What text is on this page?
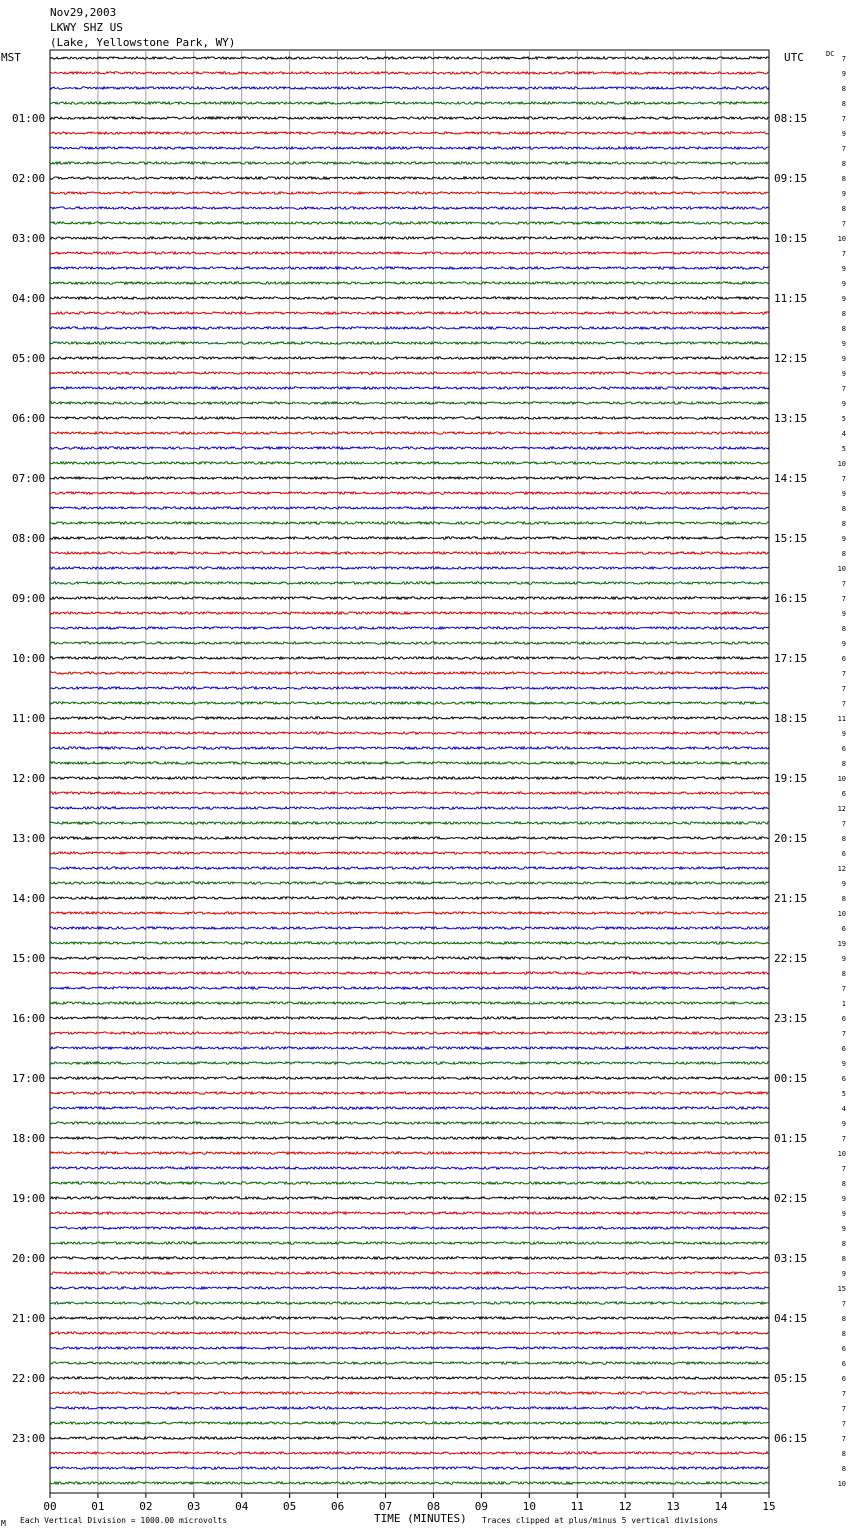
Nov29,2003
LKWY SHZ US
(Lake, Yellowstone Park, WY)
MST	UTC	DC
01:00
02:00
03:00
04:00
05:00
06:00
07:00
08:00
09:00
10:00
11:00
12:00
13:00
14:00
15:00
16:00
17:00
18:00
19:00
20:00
21:00
22:00
23:00
08:15
09:15
10:15
11:15
12:15
13:15
14:15
15:15
16:15
17:15
18:15
19:15
20:15
21:15
22:15
23:15
00:15
01:15
02:15
03:15
04:15
05:15
06:15
7
9
8
8
7
9
7
8
8
9
8
7
10
7
9
9
9
8
8
9
9
9
7
9
5
4
5
10
7
9
8
8
9
8
10
7
7
9
8
9
6
7
7
7
11
9
6
8
10
6
12
7
8
6
12
9
8
10
6
19
9
8
7
1
6
7
6
9
6
5
4
9
7
10
7
8
9
9
9
8
8
9
15
7
8
8
6
6
6
7
7
7
7
8
8
10
00	01	02	03	04	05	06	07	08	09	10	11	12	13	14	15
M Each Vertical Division = 1000.00 microvolts	TIME (MINUTES) Traces clipped at plus/minus 5 vertical divisions
